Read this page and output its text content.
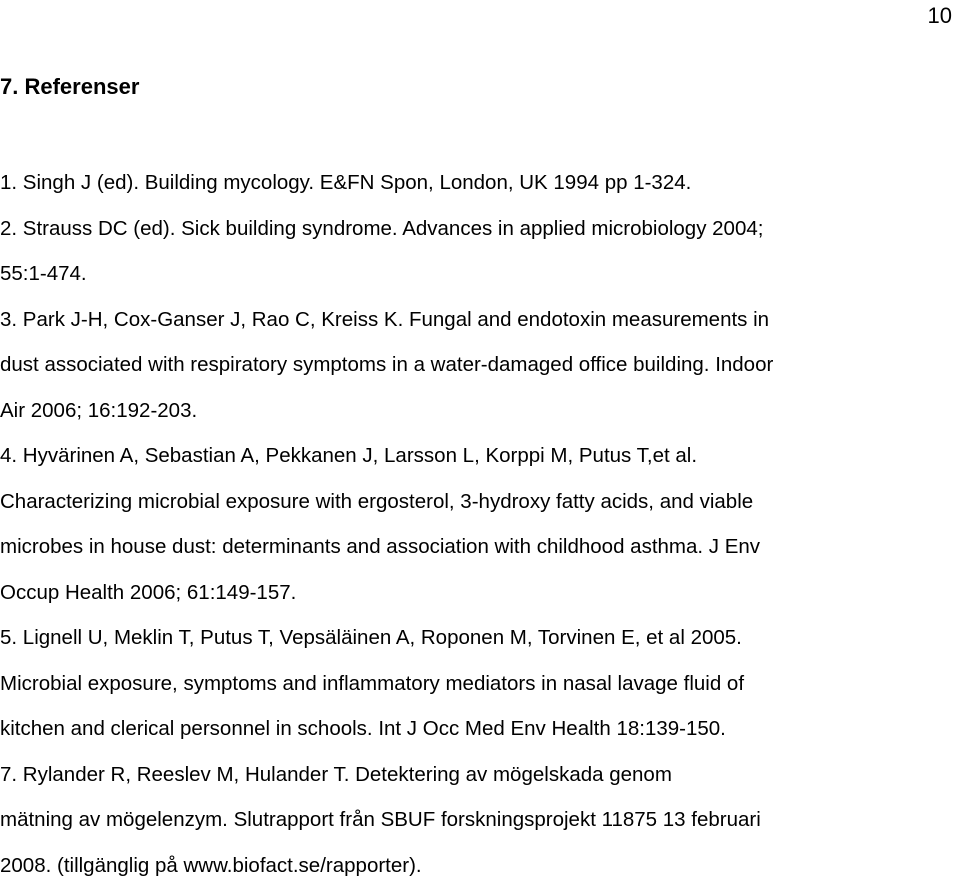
10
7. Referenser
1. Singh J (ed). Building mycology. E&FN Spon, London, UK 1994 pp 1-324.
2. Strauss DC (ed). Sick building syndrome. Advances in applied microbiology 2004;
55:1-474.
3. Park J-H, Cox-Ganser J, Rao C, Kreiss K. Fungal and endotoxin measurements in
dust associated with respiratory symptoms in a water-damaged office building. Indoor
Air 2006; 16:192-203.
4. Hyvärinen A, Sebastian A, Pekkanen J, Larsson L, Korppi M, Putus T,et al.
Characterizing microbial exposure with ergosterol, 3-hydroxy fatty acids, and viable
microbes in house dust: determinants and association with childhood asthma. J Env
Occup Health 2006; 61:149-157.
5. Lignell U, Meklin T, Putus T, Vepsäläinen A, Roponen M, Torvinen E, et al 2005.
Microbial exposure, symptoms and inflammatory mediators in nasal lavage fluid of
kitchen and clerical personnel in schools. Int J Occ Med Env Health 18:139-150.
7. Rylander R, Reeslev M, Hulander T. Detektering av mögelskada genom
mätning av mögelenzym. Slutrapport från SBUF forskningsprojekt 11875 13 februari
2008. (tillgänglig på www.biofact.se/rapporter).
